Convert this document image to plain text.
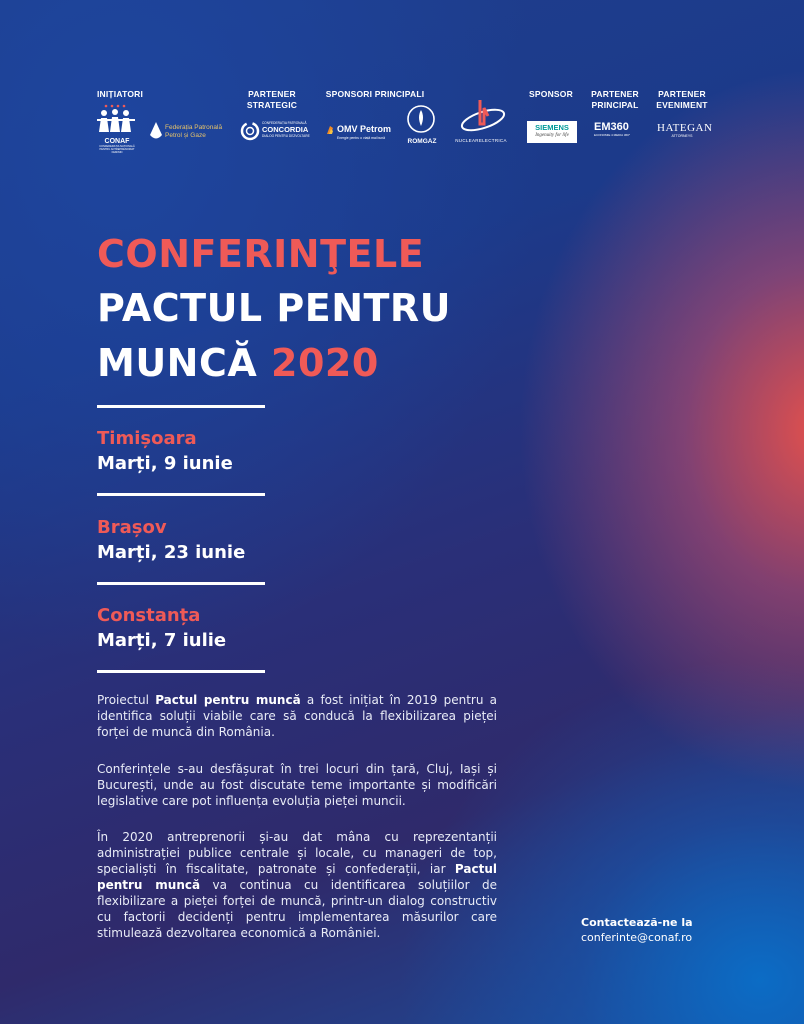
INIȚIATORI	PARTENER STRATEGIC
SPONSORI PRINCIPALI	SPONSOR	PARTENER PRINCIPAL
PARTENER EVENIMENT
CONAF
CONFEDERAȚIA NAȚIONALĂ PENTRU ANTREPRENORIAT FEMININ
Federația Patronală Petrol și Gaze
CONFEDERAȚIA PATRONALĂ
CONCORDIA
DIALOG PENTRU DEZVOLTARE
OMV Petrom
Energie pentru o viață mai bună	ROMGAZ	NUCLEARELECTRICA
SIEMENS
Ingenuity for life
EM360
ECONOMIE 4 MEDIA 360°
HATEGAN
ATTORNEYS
CONFERINŢELE
PACTUL PENTRU
MUNCĂ 2020
Timișoara
Marți, 9 iunie
Brașov
Marți, 23 iunie
Constanța
Marți, 7 iulie
Proiectul Pactul pentru muncă a fost inițiat în 2019 pentru a identifica soluții viabile care să conducă la flexibilizarea pieței forței de muncă din România.
Conferințele s-au desfășurat în trei locuri din țară, Cluj, Iași și București, unde au fost discutate teme importante și modificări legislative care pot influența evoluția pieței muncii.
În 2020 antreprenorii și-au dat mâna cu reprezentanții administrației publice centrale și locale, cu manageri de top, specialiști în fiscalitate, patronate și confederații, iar Pactul pentru muncă va continua cu identificarea soluțiilor de flexibilizare a pieței forței de muncă, printr-un dialog constructiv cu factorii decidenți pentru implementarea măsurilor care stimulează dezvoltarea economică a României.
Contactează-ne la
conferinte@conaf.ro
